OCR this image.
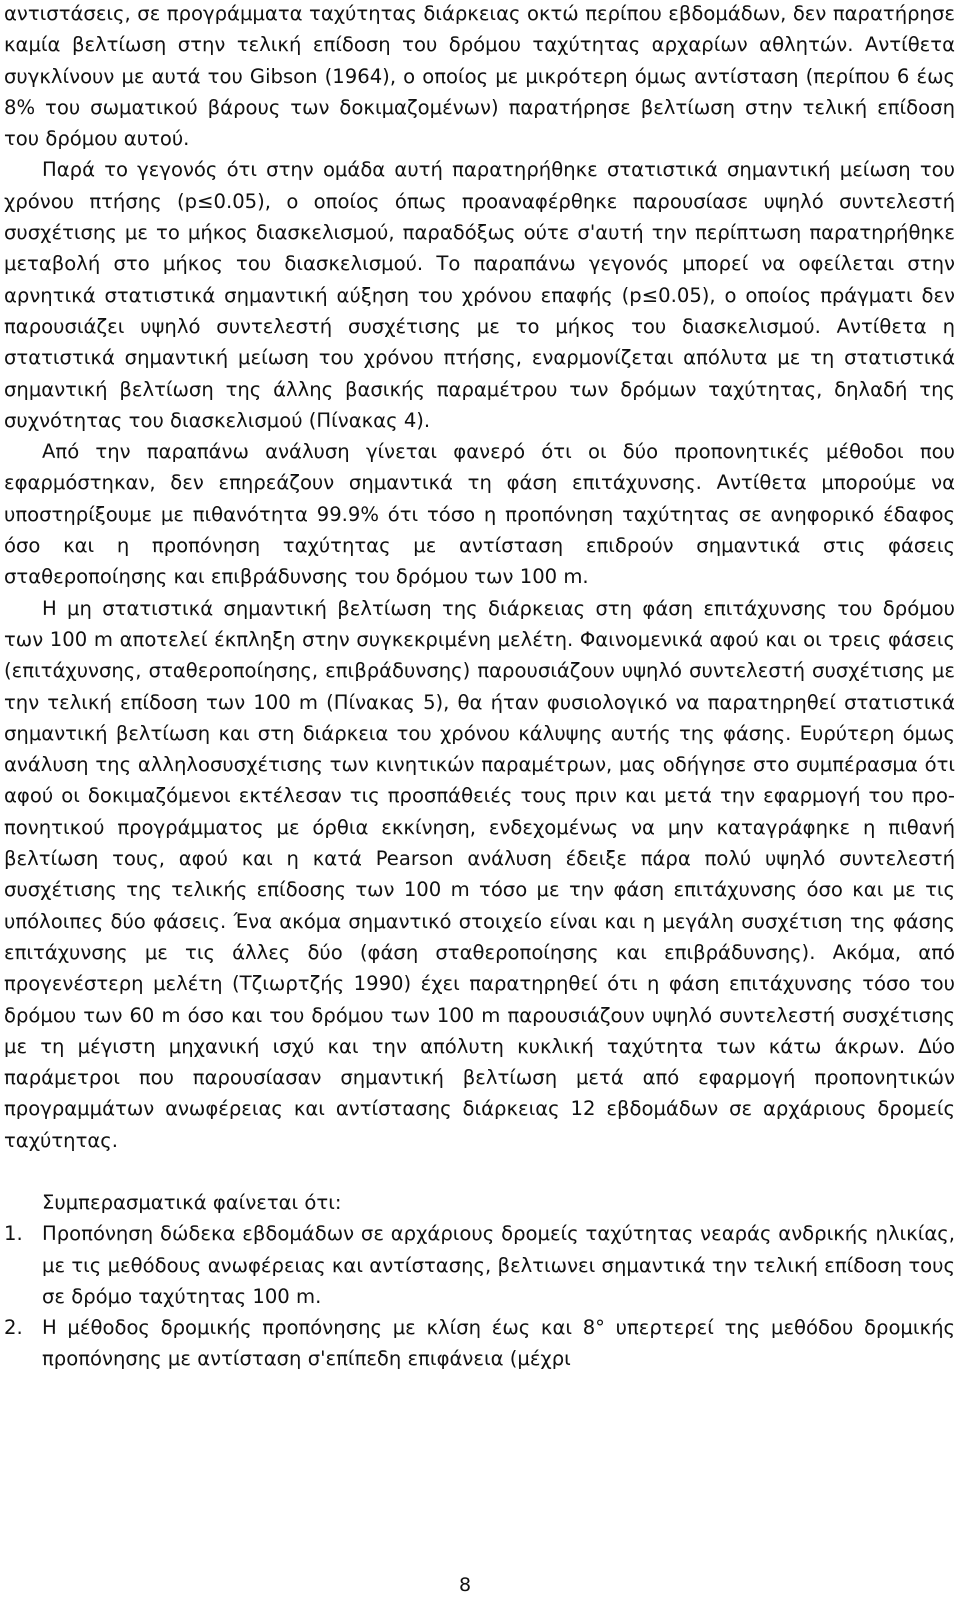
αντιστάσεις, σε προγράμματα ταχύτητας διάρκειας οκτώ περίπου εβδομάδων, δεν παρατήρησε καμία βελτίωση στην τελική επίδοση του δρόμου ταχύτητας αρχαρίων αθλητών. Αντίθετα συγκλίνουν με αυτά του Gibson (1964), ο οποίος με μικρότερη όμως αντίσταση (περίπου 6 έως 8% του σωματικού βάρους των δοκιμαζομένων) παρατήρησε βελτίωση στην τελική επίδοση του δρόμου αυτού.

Παρά το γεγονός ότι στην ομάδα αυτή παρατηρήθηκε στατιστικά σημαντική μείωση του χρόνου πτήσης (p≤0.05), ο οποίος όπως προαναφέρθηκε παρουσίασε υψηλό συντελεστή συσχέτισης με το μήκος διασκελισμού, παραδόξως ούτε σ'αυτή την περίπτωση παρατηρήθηκε μεταβολή στο μήκος του διασκελισμού. Το παραπάνω γεγονός μπορεί να οφείλεται στην αρνητικά στατιστικά σημαντική αύξηση του χρόνου επαφής (p≤0.05), ο οποίος πράγματι δεν παρουσιάζει υψηλό συντελεστή συσχέτισης με το μήκος του διασκελισμού. Αντίθετα η στατιστικά σημαντική μείωση του χρόνου πτήσης, εναρμονίζεται απόλυτα με τη στατιστικά σημαντική βελτίωση της άλλης βασικής παραμέτρου των δρόμων ταχύτητας, δηλαδή της συχνότητας του διασκελισμού (Πίνακας 4).

Από την παραπάνω ανάλυση γίνεται φανερό ότι οι δύο προπονητικές μέθοδοι που εφαρμόστηκαν, δεν επηρεάζουν σημαντικά τη φάση επιτάχυνσης. Αντίθετα μπορούμε να υποστηρίξουμε με πιθανότητα 99.9% ότι τόσο η προπόνηση ταχύτητας σε ανηφορικό έδαφος όσο και η προπόνηση ταχύτητας με αντίσταση επιδρούν σημαντικά στις φάσεις σταθεροποίησης και επιβράδυνσης του δρόμου των 100 m.

Η μη στατιστικά σημαντική βελτίωση της διάρκειας στη φάση επιτάχυνσης του δρόμου των 100 m αποτελεί έκπληξη στην συγκεκριμένη μελέτη. Φαινομενικά αφού και οι τρεις φάσεις (επιτάχυνσης, σταθεροποίησης, επιβράδυνσης) παρουσιάζουν υψηλό συντελεστή συσχέτισης με την τελική επίδοση των 100 m (Πίνακας 5), θα ήταν φυσιολογικό να παρατηρηθεί στατιστικά σημαντική βελτίωση και στη διάρκεια του χρόνου κάλυψης αυτής της φάσης. Ευρύτερη όμως ανάλυση της αλληλοσυσχέτισης των κινητικών παραμέτρων, μας οδήγησε στο συμπέρασμα ότι αφού οι δοκιμαζόμενοι εκτέλεσαν τις προσπάθειές τους πριν και μετά την εφαρμογή του προ-πονητικού προγράμματος με όρθια εκκίνηση, ενδεχομένως να μην καταγράφηκε η πιθανή βελτίωση τους, αφού και η κατά Pearson ανάλυση έδειξε πάρα πολύ υψηλό συντελεστή συσχέτισης της τελικής επίδοσης των 100 m τόσο με την φάση επιτάχυνσης όσο και με τις υπόλοιπες δύο φάσεις. Ένα ακόμα σημαντικό στοιχείο είναι και η μεγάλη συσχέτιση της φάσης επιτάχυνσης με τις άλλες δύο (φάση σταθεροποίησης και επιβράδυνσης). Ακόμα, από προγενέστερη μελέτη (Τζιωρτζής 1990) έχει παρατηρηθεί ότι η φάση επιτάχυνσης τόσο του δρόμου των 60 m όσο και του δρόμου των 100 m παρουσιάζουν υψηλό συντελεστή συσχέτισης με τη μέγιστη μηχανική ισχύ και την απόλυτη κυκλική ταχύτητα των κάτω άκρων. Δύο παράμετροι που παρουσίασαν σημαντική βελτίωση μετά από εφαρμογή προπονητικών προγραμμάτων ανωφέρειας και αντίστασης διάρκειας 12 εβδομάδων σε αρχάριους δρομείς ταχύτητας.

Συμπερασματικά φαίνεται ότι:

1. Προπόνηση δώδεκα εβδομάδων σε αρχάριους δρομείς ταχύτητας νεαράς ανδρικής ηλικίας, με τις μεθόδους ανωφέρειας και αντίστασης, βελτιωνει σημαντικά την τελική επίδοση τους σε δρόμο ταχύτητας 100 m.
2. Η μέθοδος δρομικής προπόνησης με κλίση έως και 8° υπερτερεί της μεθόδου δρομικής προπόνησης με αντίσταση σ'επίπεδη επιφάνεια (μέχρι
8
